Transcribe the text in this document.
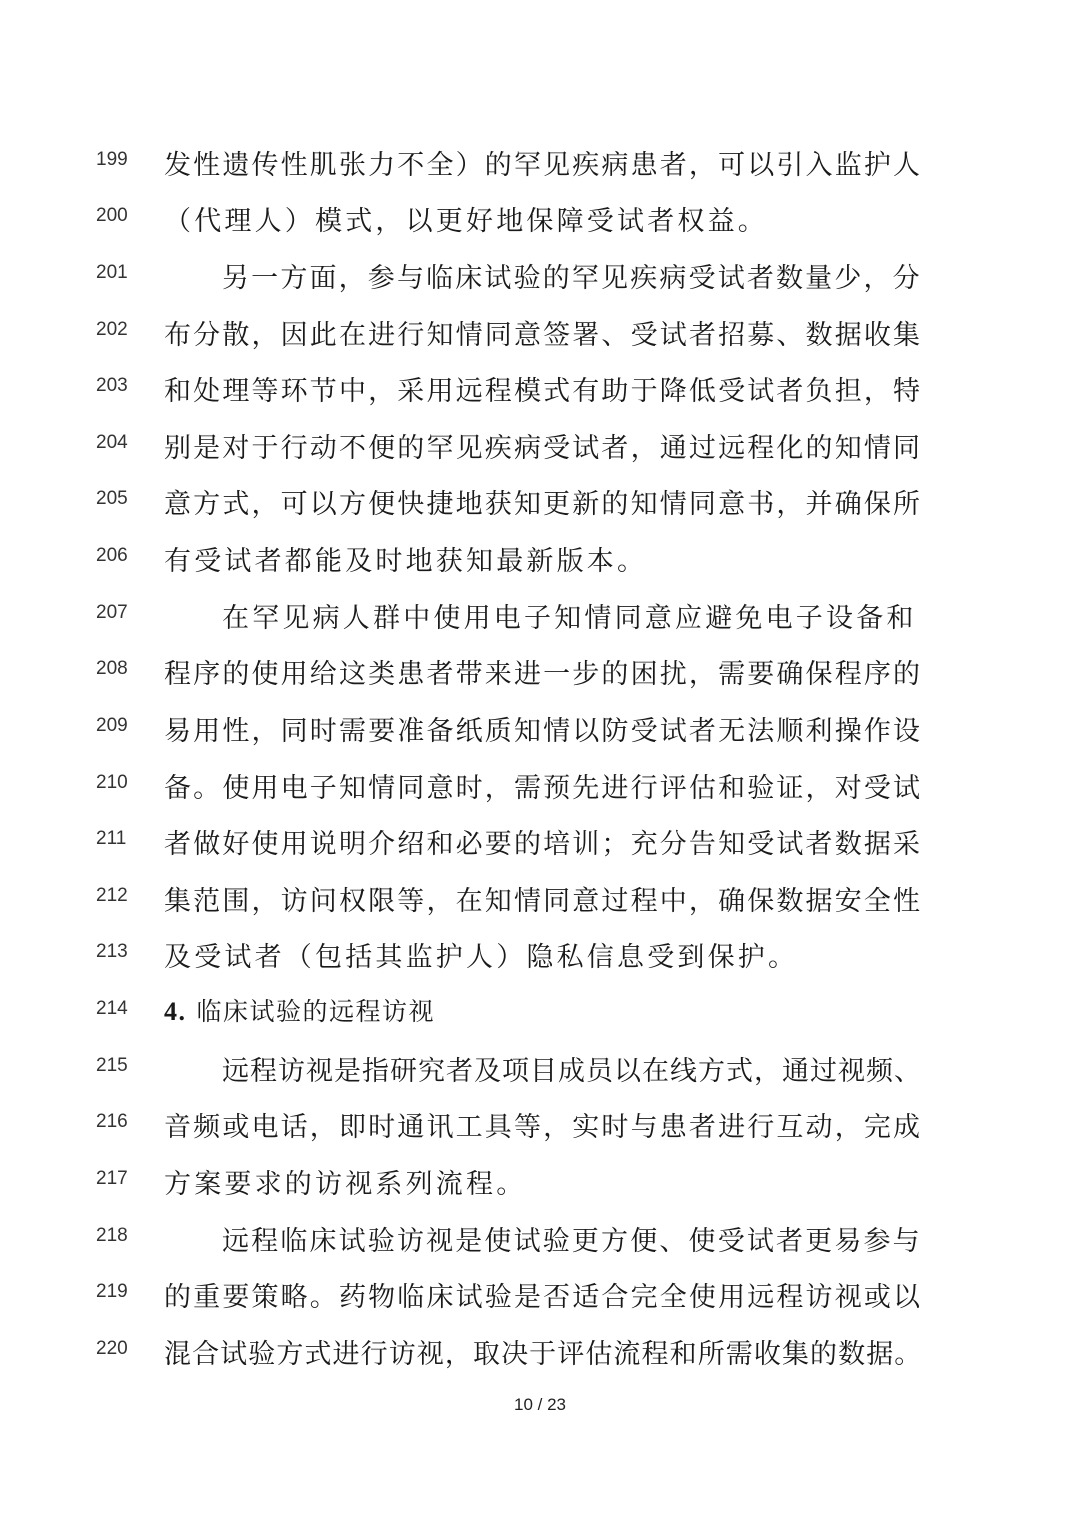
199	发性遗传性肌张力不全）的罕见疾病患者，可以引入监护人
200	（代理人）模式，以更好地保障受试者权益。
201	另一方面，参与临床试验的罕见疾病受试者数量少，分
202	布分散，因此在进行知情同意签署、受试者招募、数据收集
203	和处理等环节中，采用远程模式有助于降低受试者负担，特
204	别是对于行动不便的罕见疾病受试者，通过远程化的知情同
205	意方式，可以方便快捷地获知更新的知情同意书，并确保所
206	有受试者都能及时地获知最新版本。
207	在罕见病人群中使用电子知情同意应避免电子设备和
208	程序的使用给这类患者带来进一步的困扰，需要确保程序的
209	易用性，同时需要准备纸质知情以防受试者无法顺利操作设
210	备。使用电子知情同意时，需预先进行评估和验证，对受试
211	者做好使用说明介绍和必要的培训；充分告知受试者数据采
212	集范围，访问权限等，在知情同意过程中，确保数据安全性
213	及受试者（包括其监护人）隐私信息受到保护。
214	4. 临床试验的远程访视
215	远程访视是指研究者及项目成员以在线方式，通过视频、
216	音频或电话，即时通讯工具等，实时与患者进行互动，完成
217	方案要求的访视系列流程。
218	远程临床试验访视是使试验更方便、使受试者更易参与
219	的重要策略。药物临床试验是否适合完全使用远程访视或以
220	混合试验方式进行访视，取决于评估流程和所需收集的数据。
10 / 23
